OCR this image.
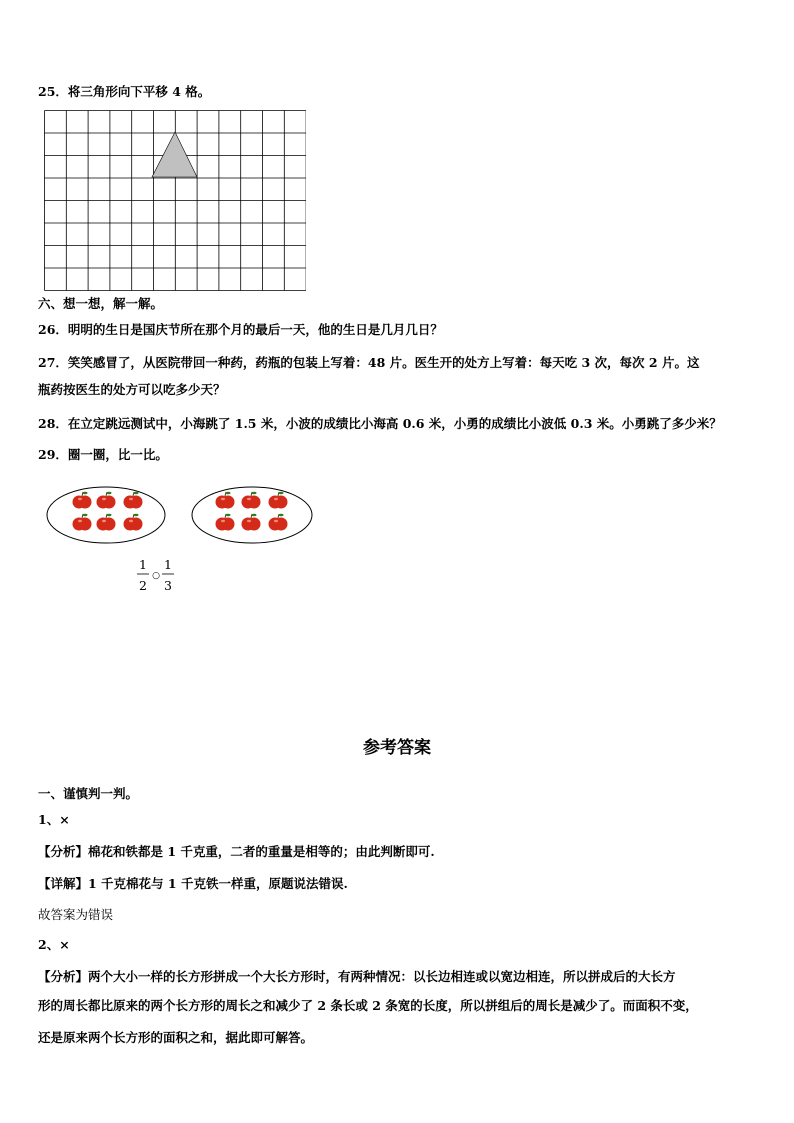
25．将三角形向下平移 4 格。
六、想一想，解一解。
26．明明的生日是国庆节所在那个月的最后一天，他的生日是几月几日？
27．笑笑感冒了，从医院带回一种药，药瓶的包装上写着：48 片。医生开的处方上写着：每天吃 3 次，每次 2 片。这
瓶药按医生的处方可以吃多少天？
28．在立定跳远测试中，小海跳了 1.5 米，小波的成绩比小海高 0.6 米，小勇的成绩比小波低 0.3 米。小勇跳了多少米？
29．圈一圈，比一比。
1
2
○
1
3
参考答案
一、谨慎判一判。
1、×
【分析】棉花和铁都是 1 千克重，二者的重量是相等的；由此判断即可.
【详解】1 千克棉花与 1 千克铁一样重，原题说法错误.
故答案为错误
2、×
【分析】两个大小一样的长方形拼成一个大长方形时，有两种情况：以长边相连或以宽边相连，所以拼成后的大长方
形的周长都比原来的两个长方形的周长之和减少了 2 条长或 2 条宽的长度，所以拼组后的周长是减少了。而面积不变，
还是原来两个长方形的面积之和，据此即可解答。
